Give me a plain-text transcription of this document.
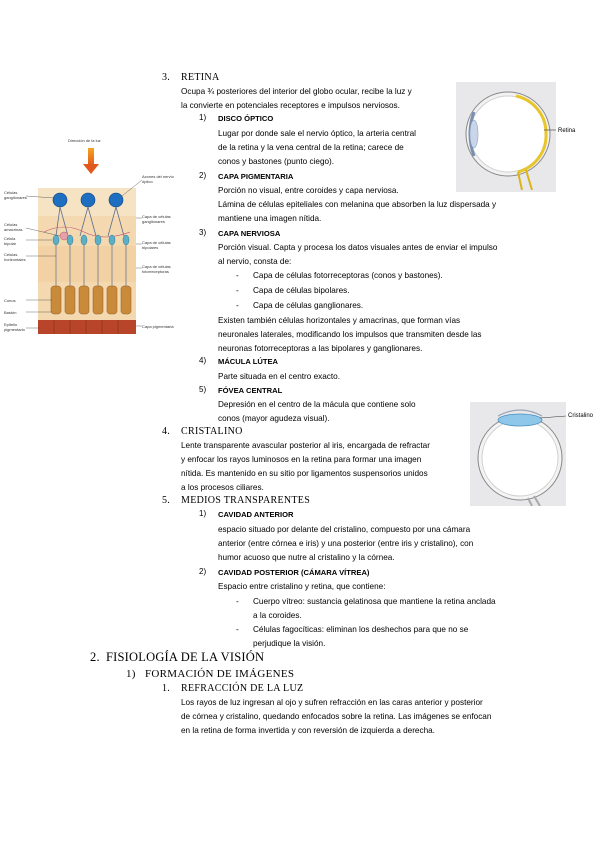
3. RETINA
Ocupa ¾ posteriores del interior del globo ocular, recibe la luz y
la convierte en potenciales receptores e impulsos nerviosos.
1) DISCO ÓPTICO
Lugar por donde sale el nervio óptico, la arteria central
de la retina y la vena central de la retina; carece de
conos y bastones (punto ciego).
2) CAPA PIGMENTARIA
Porción no visual, entre coroides y capa nerviosa.
Lámina de células epiteliales con melanina que absorben la luz dispersada y
mantiene una imagen nítida.
3) CAPA NERVIOSA
Porción visual. Capta y procesa los datos visuales antes de enviar el impulso
al nervio, consta de:
- Capa de células fotorreceptoras (conos y bastones).
- Capa de células bipolares.
- Capa de células ganglionares.
Existen también células horizontales y amacrinas, que forman vías
neuronales laterales, modificando los impulsos que transmiten desde las
neuronas fotorreceptoras a las bipolares y ganglionares.
4) MÁCULA LÚTEA
Parte situada en el centro exacto.
5) FÓVEA CENTRAL
Depresión en el centro de la mácula que contiene solo
conos (mayor agudeza visual).
Retina
4. CRISTALINO
Lente transparente avascular posterior al iris, encargada de refractar
y enfocar los rayos luminosos en la retina para formar una imagen
nítida. Es mantenido en su sitio por ligamentos suspensorios unidos
a los procesos ciliares.
Cristalino
5. MEDIOS TRANSPARENTES
1) CAVIDAD ANTERIOR
espacio situado por delante del cristalino, compuesto por una cámara
anterior (entre córnea e iris) y una posterior (entre iris y cristalino), con
humor acuoso que nutre al cristalino y la córnea.
2) CAVIDAD POSTERIOR (CÁMARA VÍTREA)
Espacio entre cristalino y retina, que contiene:
- Cuerpo vítreo: sustancia gelatinosa que mantiene la retina anclada
a la coroides.
- Células fagocíticas: eliminan los deshechos para que no se
perjudique la visión.
2. FISIOLOGÍA DE LA VISIÓN
1) FORMACIÓN DE IMÁGENES
1. REFRACCIÓN DE LA LUZ
Los rayos de luz ingresan al ojo y sufren refracción en las caras anterior y posterior
de córnea y cristalino, quedando enfocados sobre la retina. Las imágenes se enfocan
en la retina de forma invertida y con reversión de izquierda a derecha.
Dirección de la luz
Células ganglionares
Células amacrinas
Célula bipolar
Células horizontales
Conos
Bastón
Epitelio pigmentario
Axones del nervio óptico
Capa de células ganglionares
Capa de células bipolares
Capa de células fotorreceptoras
Capa pigmentaria
